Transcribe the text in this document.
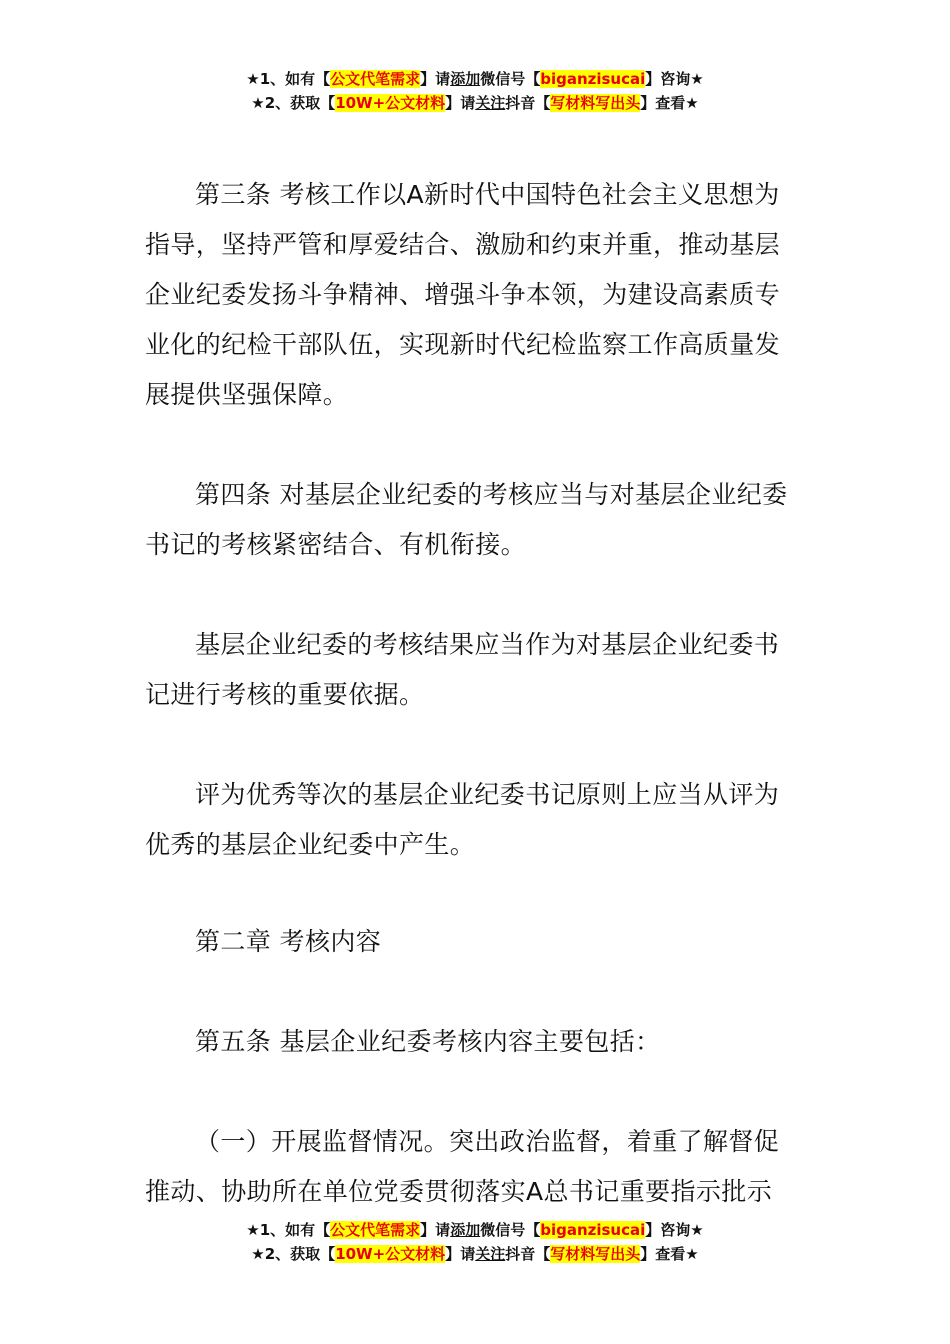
★1、如有【公文代笔需求】请添加微信号【biganzisucai】咨询★
★2、获取【10W+公文材料】请关注抖音【写材料写出头】查看★
第三条 考核工作以A新时代中国特色社会主义思想为
指导，坚持严管和厚爱结合、激励和约束并重，推动基层
企业纪委发扬斗争精神、增强斗争本领，为建设高素质专
业化的纪检干部队伍，实现新时代纪检监察工作高质量发
展提供坚强保障。
第四条 对基层企业纪委的考核应当与对基层企业纪委
书记的考核紧密结合、有机衔接。
基层企业纪委的考核结果应当作为对基层企业纪委书
记进行考核的重要依据。
评为优秀等次的基层企业纪委书记原则上应当从评为
优秀的基层企业纪委中产生。
第二章 考核内容
第五条 基层企业纪委考核内容主要包括：
（一）开展监督情况。突出政治监督，着重了解督促
推动、协助所在单位党委贯彻落实A总书记重要指示批示
★1、如有【公文代笔需求】请添加微信号【biganzisucai】咨询★
★2、获取【10W+公文材料】请关注抖音【写材料写出头】查看★
